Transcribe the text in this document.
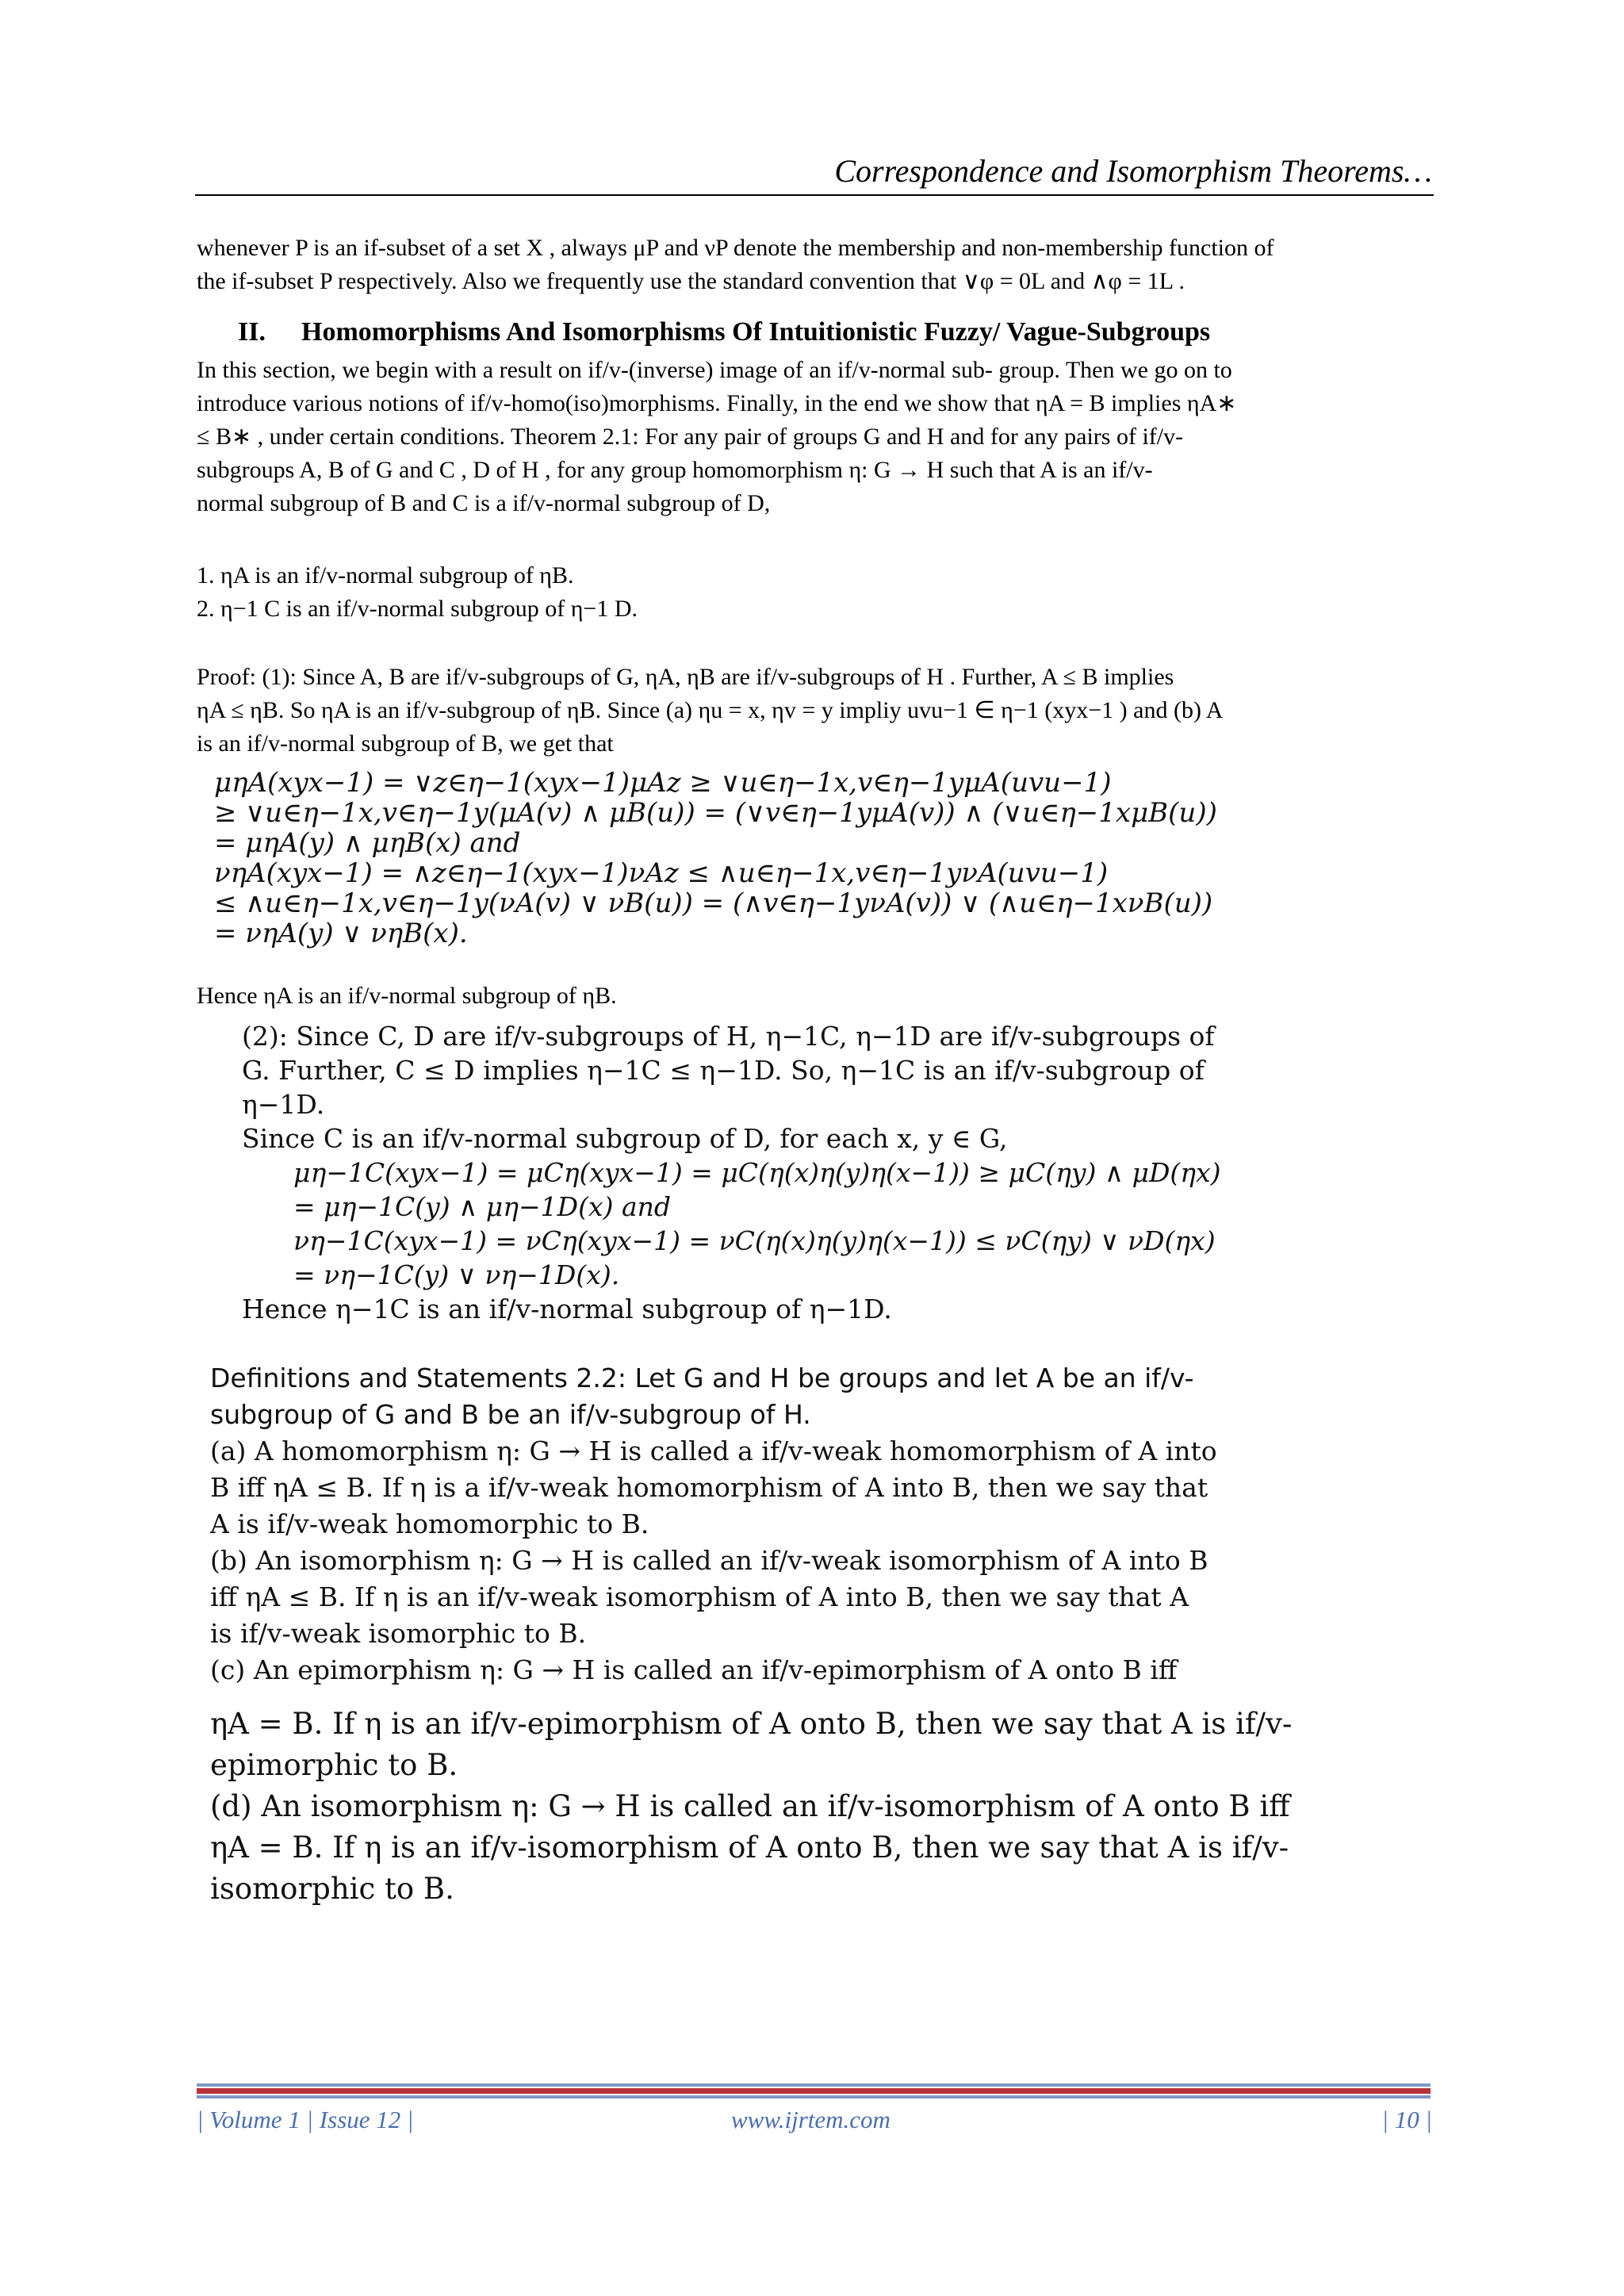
Correspondence and Isomorphism Theorems…

whenever P is an if-subset of a set X , always μP and νP denote the membership and non-membership function of

the if-subset P respectively. Also we frequently use the standard convention that ∨φ = 0L and ∧φ = 1L .

II. Homomorphisms And Isomorphisms Of Intuitionistic Fuzzy/ Vague-Subgroups

In this section, we begin with a result on if/v-(inverse) image of an if/v-normal sub- group. Then we go on to

introduce various notions of if/v-homo(iso)morphisms. Finally, in the end we show that ηA = B implies ηA∗

≤ B∗ , under certain conditions. Theorem 2.1: For any pair of groups G and H and for any pairs of if/v-

subgroups A, B of G and C , D of H , for any group homomorphism η: G → H such that A is an if/v-

normal subgroup of B and C is a if/v-normal subgroup of D,

1. ηA is an if/v-normal subgroup of ηB.

2. η−1 C is an if/v-normal subgroup of η−1 D.

Proof: (1): Since A, B are if/v-subgroups of G, ηA, ηB are if/v-subgroups of H . Further, A ≤ B implies

ηA ≤ ηB. So ηA is an if/v-subgroup of ηB. Since (a) ηu = x, ηv = y impliy uvu−1 ∈ η−1 (xyx−1 ) and (b) A

is an if/v-normal subgroup of B, we get that

μηA(xyx−1) = ∨z∈η−1(xyx−1)μAz ≥ ∨u∈η−1x,v∈η−1yμA(uvu−1)
≥ ∨u∈η−1x,v∈η−1y(μA(v) ∧ μB(u)) = (∨v∈η−1yμA(v)) ∧ (∨u∈η−1xμB(u))
= μηA(y) ∧ μηB(x) and
νηA(xyx−1) = ∧z∈η−1(xyx−1)νAz ≤ ∧u∈η−1x,v∈η−1yνA(uvu−1)
≤ ∧u∈η−1x,v∈η−1y(νA(v) ∨ νB(u)) = (∧v∈η−1yνA(v)) ∨ (∧u∈η−1xνB(u))
= νηA(y) ∨ νηB(x).

Hence ηA is an if/v-normal subgroup of ηB.

(2): Since C, D are if/v-subgroups of H, η−1C, η−1D are if/v-subgroups of
G. Further, C ≤ D implies η−1C ≤ η−1D. So, η−1C is an if/v-subgroup of
η−1D.
Since C is an if/v-normal subgroup of D, for each x, y ∈ G,
μη−1C(xyx−1) = μCη(xyx−1) = μC(η(x)η(y)η(x−1)) ≥ μC(ηy) ∧ μD(ηx)
= μη−1C(y) ∧ μη−1D(x) and
νη−1C(xyx−1) = νCη(xyx−1) = νC(η(x)η(y)η(x−1)) ≤ νC(ηy) ∨ νD(ηx)
= νη−1C(y) ∨ νη−1D(x).
Hence η−1C is an if/v-normal subgroup of η−1D.
Definitions and Statements 2.2: Let G and H be groups and let A be an if/v-
subgroup of G and B be an if/v-subgroup of H.
(a) A homomorphism η: G → H is called a if/v-weak homomorphism of A into
B iff ηA ≤ B. If η is a if/v-weak homomorphism of A into B, then we say that
A is if/v-weak homomorphic to B.
(b) An isomorphism η: G → H is called an if/v-weak isomorphism of A into B
iff ηA ≤ B. If η is an if/v-weak isomorphism of A into B, then we say that A
is if/v-weak isomorphic to B.
(c) An epimorphism η: G → H is called an if/v-epimorphism of A onto B iff
ηA = B. If η is an if/v-epimorphism of A onto B, then we say that A is if/v-
epimorphic to B.
(d) An isomorphism η: G → H is called an if/v-isomorphism of A onto B iff
ηA = B. If η is an if/v-isomorphism of A onto B, then we say that A is if/v-
isomorphic to B.
| Volume 1 | Issue 12 |	www.ijrtem.com	| 10 |
